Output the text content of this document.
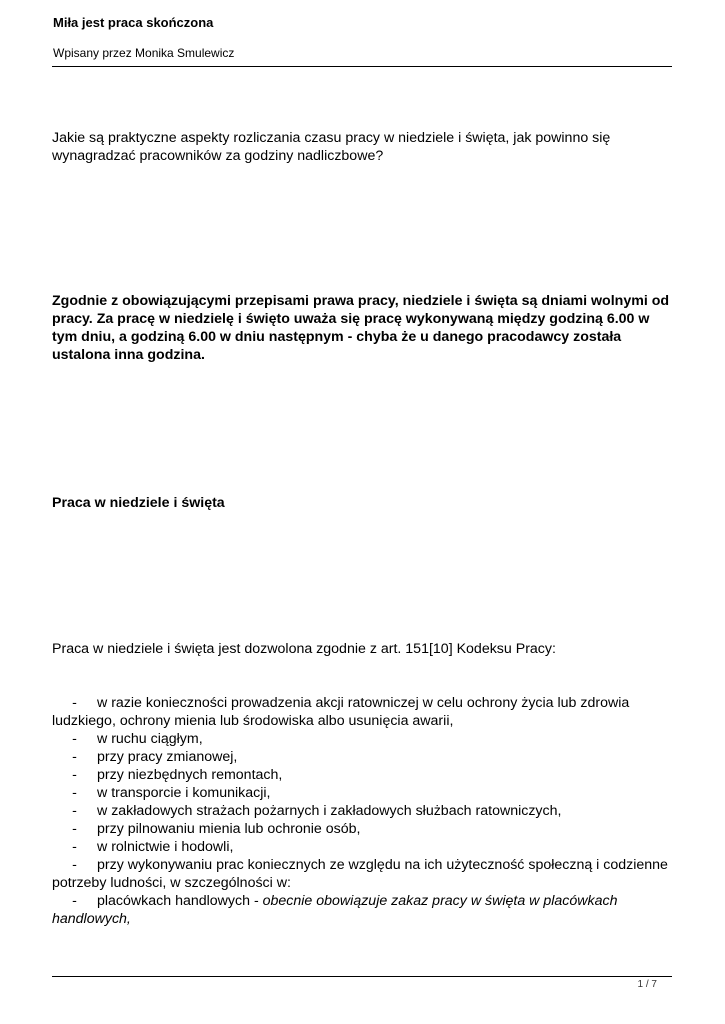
Miła jest praca skończona
Wpisany przez Monika Smulewicz
Jakie są praktyczne aspekty rozliczania czasu pracy w niedziele i święta, jak powinno się wynagradzać pracowników za godziny nadliczbowe?
Zgodnie z obowiązującymi przepisami prawa pracy, niedziele i święta są dniami wolnymi od pracy. Za pracę w niedzielę i święto uważa się pracę wykonywaną między godziną 6.00 w tym dniu, a godziną 6.00 w dniu następnym - chyba że u danego pracodawcy została ustalona inna godzina.
Praca w niedziele i święta
Praca w niedziele i święta jest dozwolona zgodnie z art. 151[10] Kodeksu Pracy:
- w razie konieczności prowadzenia akcji ratowniczej w celu ochrony życia lub zdrowia ludzkiego, ochrony mienia lub środowiska albo usunięcia awarii,
- w ruchu ciągłym,
- przy pracy zmianowej,
- przy niezbędnych remontach,
- w transporcie i komunikacji,
- w zakładowych strażach pożarnych i zakładowych służbach ratowniczych,
- przy pilnowaniu mienia lub ochronie osób,
- w rolnictwie i hodowli,
- przy wykonywaniu prac koniecznych ze względu na ich użyteczność społeczną i codzienne potrzeby ludności, w szczególności w:
- placówkach handlowych - obecnie obowiązuje zakaz pracy w święta w placówkach handlowych,
1 / 7
